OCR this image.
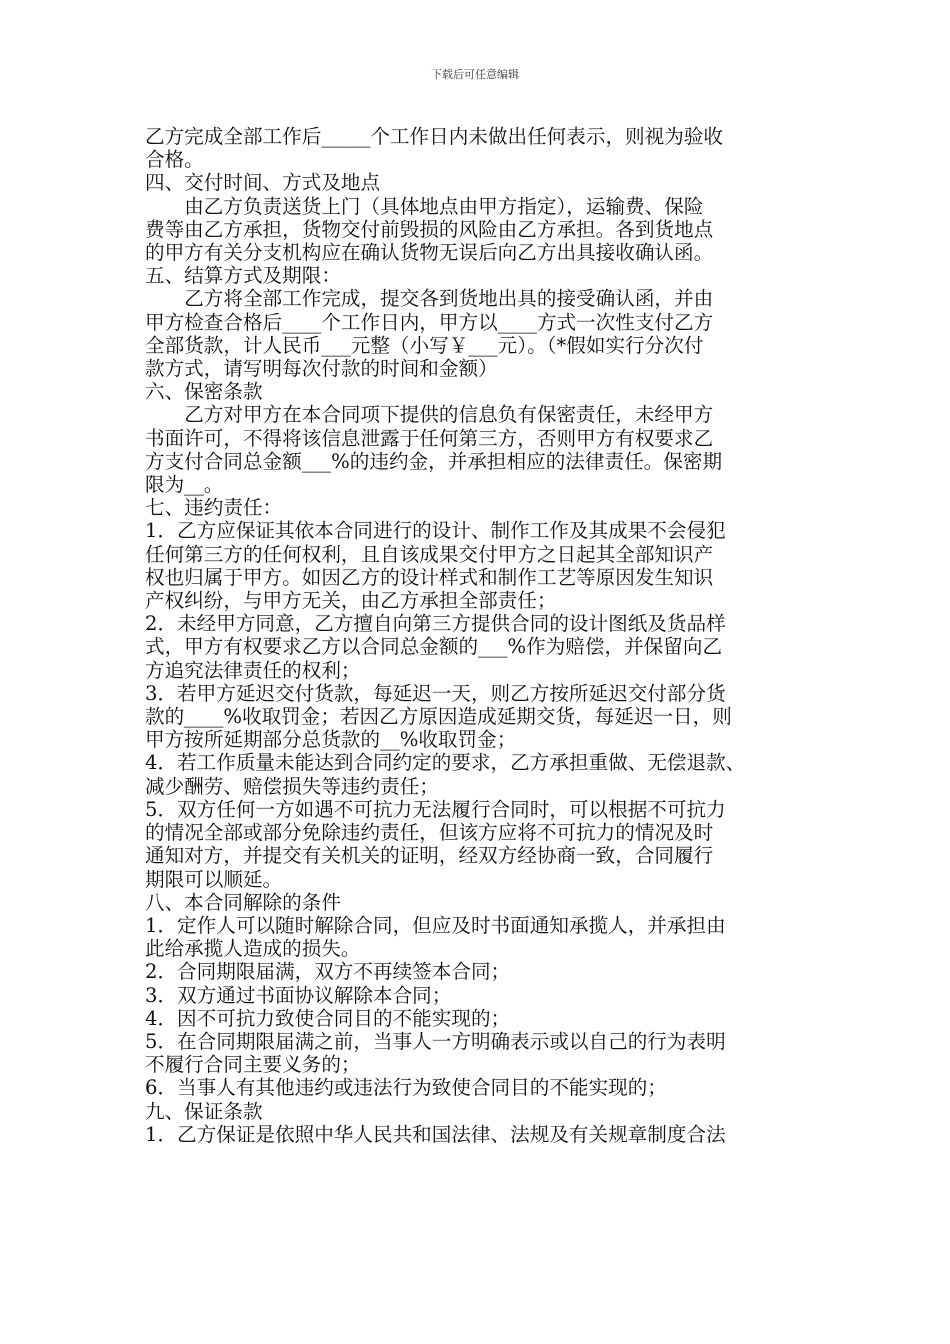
下载后可任意编辑

乙方完成全部工作后_____个工作日内未做出任何表示，则视为验收

合格。

四、交付时间、方式及地点

由乙方负责送货上门（具体地点由甲方指定），运输费、保险

费等由乙方承担，货物交付前毁损的风险由乙方承担。各到货地点

的甲方有关分支机构应在确认货物无误后向乙方出具接收确认函。

五、结算方式及期限：

乙方将全部工作完成，提交各到货地出具的接受确认函，并由

甲方检查合格后____个工作日内，甲方以____方式一次性支付乙方

全部货款，计人民币___元整（小写￥___元）。（*假如实行分次付

款方式，请写明每次付款的时间和金额）

六、保密条款

乙方对甲方在本合同项下提供的信息负有保密责任，未经甲方

书面许可，不得将该信息泄露于任何第三方，否则甲方有权要求乙

方支付合同总金额___%的违约金，并承担相应的法律责任。保密期

限为__。

七、违约责任：

1．乙方应保证其依本合同进行的设计、制作工作及其成果不会侵犯

任何第三方的任何权利，且自该成果交付甲方之日起其全部知识产

权也归属于甲方。如因乙方的设计样式和制作工艺等原因发生知识

产权纠纷，与甲方无关，由乙方承担全部责任；

2．未经甲方同意，乙方擅自向第三方提供合同的设计图纸及货品样

式，甲方有权要求乙方以合同总金额的___%作为赔偿，并保留向乙

方追究法律责任的权利；

3．若甲方延迟交付货款，每延迟一天，则乙方按所延迟交付部分货

款的____%收取罚金；若因乙方原因造成延期交货，每延迟一日，则

甲方按所延期部分总货款的__%收取罚金；

4．若工作质量未能达到合同约定的要求，乙方承担重做、无偿退款、

减少酬劳、赔偿损失等违约责任；

5．双方任何一方如遇不可抗力无法履行合同时，可以根据不可抗力

的情况全部或部分免除违约责任，但该方应将不可抗力的情况及时

通知对方，并提交有关机关的证明，经双方经协商一致，合同履行

期限可以顺延。

八、本合同解除的条件

1．定作人可以随时解除合同，但应及时书面通知承揽人，并承担由

此给承揽人造成的损失。

2．合同期限届满，双方不再续签本合同；

3．双方通过书面协议解除本合同；

4．因不可抗力致使合同目的不能实现的；

5．在合同期限届满之前，当事人一方明确表示或以自己的行为表明

不履行合同主要义务的；

6．当事人有其他违约或违法行为致使合同目的不能实现的；

九、保证条款

1．乙方保证是依照中华人民共和国法律、法规及有关规章制度合法
